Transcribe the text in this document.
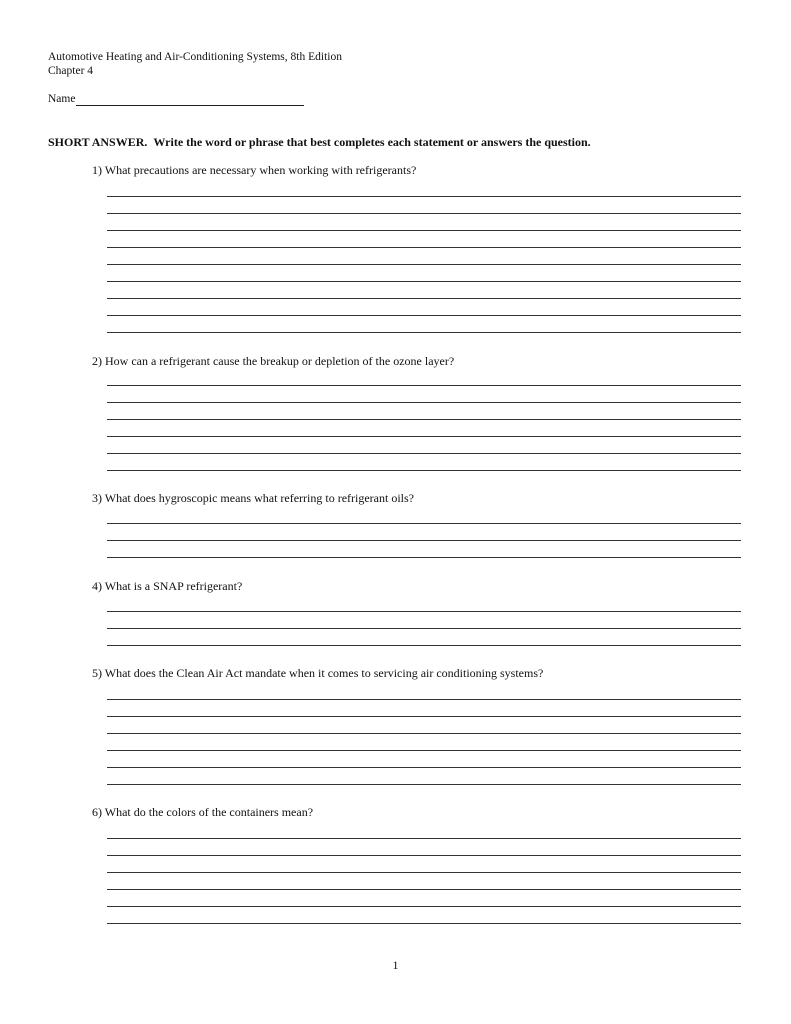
Automotive Heating and Air-Conditioning Systems, 8th Edition
Chapter 4
Name
SHORT ANSWER. Write the word or phrase that best completes each statement or answers the question.
1) What precautions are necessary when working with refrigerants?
2) How can a refrigerant cause the breakup or depletion of the ozone layer?
3) What does hygroscopic means what referring to refrigerant oils?
4) What is a SNAP refrigerant?
5) What does the Clean Air Act mandate when it comes to servicing air conditioning systems?
6) What do the colors of the containers mean?
1
